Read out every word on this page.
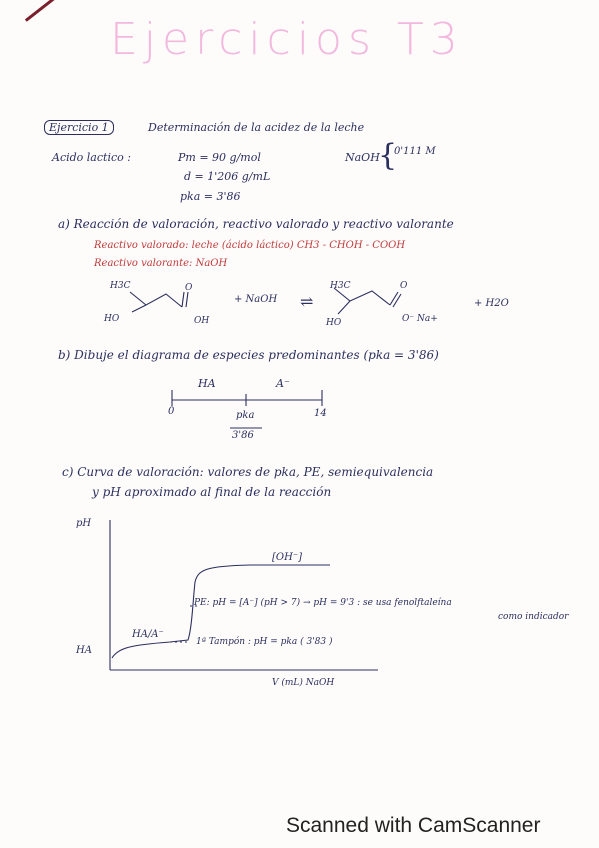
Ejercicios T3
Ejercicio 1	Determinación de la acidez de la leche
Acido lactico :	Pm = 90 g/mol
d = 1'206 g/mL
pka = 3'86
NaOH
{
0'111 M
a) Reacción de valoración, reactivo valorado y reactivo valorante
Reactivo valorado: leche (ácido láctico) CH3 - CHOH - COOH
Reactivo valorante: NaOH
H3C
HO
O
OH
+ NaOH ⇌
H3C
HO
O
O⁻ Na+
+ H2O
b) Dibuje el diagrama de especies predominantes (pka = 3'86)
HA	A⁻
0	14
pka
3'86
c) Curva de valoración: valores de pka, PE, semiequivalencia
y pH aproximado al final de la reacción
pH
HA
HA/A⁻
[OH⁻]
PE: pH = [A⁻] (pH > 7) → pH = 9'3 : se usa fenolftaleína
como indicador
1ª Tampón : pH = pka ( 3'83 )
V (mL) NaOH
Scanned with CamScanner
